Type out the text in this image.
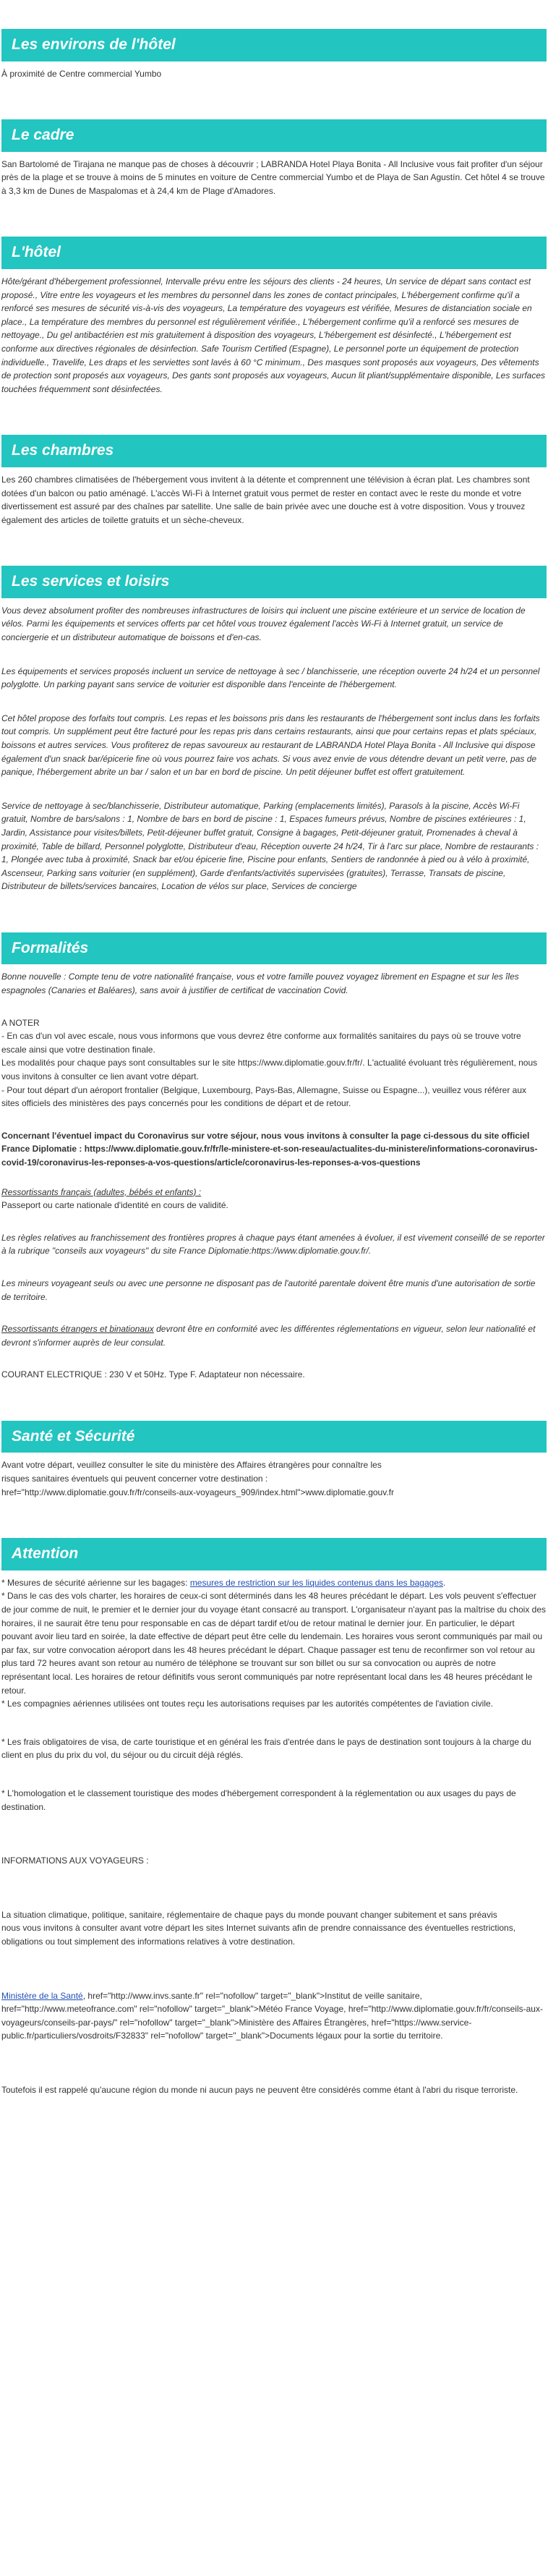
Les environs de l'hôtel

À proximité de Centre commercial Yumbo

Le cadre

San Bartolomé de Tirajana ne manque pas de choses à découvrir ; LABRANDA Hotel Playa Bonita - All Inclusive vous fait profiter d'un séjour près de la plage et se trouve à moins de 5 minutes en voiture de Centre commercial Yumbo et de Playa de San Agustín. Cet hôtel 4 se trouve à 3,3 km de Dunes de Maspalomas et à 24,4 km de Plage d'Amadores.

L'hôtel

Hôte/gérant d'hébergement professionnel, Intervalle prévu entre les séjours des clients - 24 heures, Un service de départ sans contact est proposé., Vitre entre les voyageurs et les membres du personnel dans les zones de contact principales, L'hébergement confirme qu'il a renforcé ses mesures de sécurité vis-à-vis des voyageurs, La température des voyageurs est vérifiée, Mesures de distanciation sociale en place., La température des membres du personnel est régulièrement vérifiée., L'hébergement confirme qu'il a renforcé ses mesures de nettoyage., Du gel antibactérien est mis gratuitement à disposition des voyageurs, L'hébergement est désinfecté., L'hébergement est conforme aux directives régionales de désinfection. Safe Tourism Certified (Espagne), Le personnel porte un équipement de protection individuelle., Travelife, Les draps et les serviettes sont lavés à 60 °C minimum., Des masques sont proposés aux voyageurs, Des vêtements de protection sont proposés aux voyageurs, Des gants sont proposés aux voyageurs, Aucun lit pliant/supplémentaire disponible, Les surfaces touchées fréquemment sont désinfectées.

Les chambres

Les 260 chambres climatisées de l'hébergement vous invitent à la détente et comprennent une télévision à écran plat. Les chambres sont dotées d'un balcon ou patio aménagé. L'accès Wi-Fi à Internet gratuit vous permet de rester en contact avec le reste du monde et votre divertissement est assuré par des chaînes par satellite. Une salle de bain privée avec une douche est à votre disposition. Vous y trouvez également des articles de toilette gratuits et un sèche-cheveux.

Les services et loisirs

Vous devez absolument profiter des nombreuses infrastructures de loisirs qui incluent une piscine extérieure et un service de location de vélos. Parmi les équipements et services offerts par cet hôtel vous trouvez également l'accès Wi-Fi à Internet gratuit, un service de conciergerie et un distributeur automatique de boissons et d'en-cas.

Les équipements et services proposés incluent un service de nettoyage à sec / blanchisserie, une réception ouverte 24 h/24 et un personnel polyglotte. Un parking payant sans service de voiturier est disponible dans l'enceinte de l'hébergement.

Cet hôtel propose des forfaits tout compris. Les repas et les boissons pris dans les restaurants de l'hébergement sont inclus dans les forfaits tout compris. Un supplément peut être facturé pour les repas pris dans certains restaurants, ainsi que pour certains repas et plats spéciaux, boissons et autres services. Vous profiterez de repas savoureux au restaurant de LABRANDA Hotel Playa Bonita - All Inclusive qui dispose également d'un snack bar/épicerie fine où vous pourrez faire vos achats. Si vous avez envie de vous détendre devant un petit verre, pas de panique, l'hébergement abrite un bar / salon et un bar en bord de piscine. Un petit déjeuner buffet est offert gratuitement.

Service de nettoyage à sec/blanchisserie, Distributeur automatique, Parking (emplacements limités), Parasols à la piscine, Accès Wi-Fi gratuit, Nombre de bars/salons : 1, Nombre de bars en bord de piscine : 1, Espaces fumeurs prévus, Nombre de piscines extérieures : 1, Jardin, Assistance pour visites/billets, Petit-déjeuner buffet gratuit, Consigne à bagages, Petit-déjeuner gratuit, Promenades à cheval à proximité, Table de billard, Personnel polyglotte, Distributeur d'eau, Réception ouverte 24 h/24, Tir à l'arc sur place, Nombre de restaurants : 1, Plongée avec tuba à proximité, Snack bar et/ou épicerie fine, Piscine pour enfants, Sentiers de randonnée à pied ou à vélo à proximité, Ascenseur, Parking sans voiturier (en supplément), Garde d'enfants/activités supervisées (gratuites), Terrasse, Transats de piscine, Distributeur de billets/services bancaires, Location de vélos sur place, Services de concierge

Formalités

Bonne nouvelle : Compte tenu de votre nationalité française, vous et votre famille pouvez voyagez librement en Espagne et sur les îles espagnoles (Canaries et Baléares), sans avoir à justifier de certificat de vaccination Covid.

A NOTER
- En cas d'un vol avec escale, nous vous informons que vous devrez être conforme aux formalités sanitaires du pays où se trouve votre escale ainsi que votre destination finale.
Les modalités pour chaque pays sont consultables sur le site https://www.diplomatie.gouv.fr/fr/. L'actualité évoluant très régulièrement, nous vous invitons à consulter ce lien avant votre départ.
- Pour tout départ d'un aéroport frontalier (Belgique, Luxembourg, Pays-Bas, Allemagne, Suisse ou Espagne...), veuillez vous référer aux sites officiels des ministères des pays concernés pour les conditions de départ et de retour.

Concernant l'éventuel impact du Coronavirus sur votre séjour, nous vous invitons à consulter la page ci-dessous du site officiel France Diplomatie : https://www.diplomatie.gouv.fr/fr/le-ministere-et-son-reseau/actualites-du-ministere/informations-coronavirus-covid-19/coronavirus-les-reponses-a-vos-questions/article/coronavirus-les-reponses-a-vos-questions

Ressortissants français (adultes, bébés et enfants) :
Passeport ou carte nationale d'identité en cours de validité.

Les règles relatives au franchissement des frontières propres à chaque pays étant amenées à évoluer, il est vivement conseillé de se reporter à la rubrique "conseils aux voyageurs" du site France Diplomatie:https://www.diplomatie.gouv.fr/.

Les mineurs voyageant seuls ou avec une personne ne disposant pas de l'autorité parentale doivent être munis d'une autorisation de sortie de territoire.

Ressortissants étrangers et binationaux devront être en conformité avec les différentes réglementations en vigueur, selon leur nationalité et devront s'informer auprès de leur consulat.

COURANT ELECTRIQUE : 230 V et 50Hz. Type F. Adaptateur non nécessaire.

Santé et Sécurité

Avant votre départ, veuillez consulter le site du ministère des Affaires étrangères pour connaître les risques sanitaires éventuels qui peuvent concerner votre destination : href="http://www.diplomatie.gouv.fr/fr/conseils-aux-voyageurs_909/index.html">www.diplomatie.gouv.fr

Attention
* Mesures de sécurité aérienne sur les bagages: mesures de restriction sur les liquides contenus dans les bagages.

* Dans le cas des vols charter, les horaires de ceux-ci sont déterminés dans les 48 heures précédant le départ. Les vols peuvent s'effectuer de jour comme de nuit, le premier et le dernier jour du voyage étant consacré au transport. L'organisateur n'ayant pas la maîtrise du choix des horaires, il ne saurait être tenu pour responsable en cas de départ tardif et/ou de retour matinal le dernier jour. En particulier, le départ pouvant avoir lieu tard en soirée, la date effective de départ peut être celle du lendemain. Les horaires vous seront communiqués par mail ou par fax, sur votre convocation aéroport dans les 48 heures précédant le départ. Chaque passager est tenu de reconfirmer son vol retour au plus tard 72 heures avant son retour au numéro de téléphone se trouvant sur son billet ou sur sa convocation ou auprès de notre représentant local. Les horaires de retour définitifs vous seront communiqués par notre représentant local dans les 48 heures précédant le retour.

* Les compagnies aériennes utilisées ont toutes reçu les autorisations requises par les autorités compétentes de l'aviation civile.

* Les frais obligatoires de visa, de carte touristique et en général les frais d'entrée dans le pays de destination sont toujours à la charge du client en plus du prix du vol, du séjour ou du circuit déjà réglés.

* L'homologation et le classement touristique des modes d'hébergement correspondent à la réglementation ou aux usages du pays de destination.

INFORMATIONS AUX VOYAGEURS :

La situation climatique, politique, sanitaire, réglementaire de chaque pays du monde pouvant changer subitement et sans préavis
nous vous invitons à consulter avant votre départ les sites Internet suivants afin de prendre connaissance des éventuelles restrictions, obligations ou tout simplement des informations relatives à votre destination.

Ministère de la Santé, href="http://www.invs.sante.fr" rel="nofollow" target="_blank">Institut de veille sanitaire, href="http://www.meteofrance.com" rel="nofollow" target="_blank">Météo France Voyage, href="http://www.diplomatie.gouv.fr/fr/conseils-aux-voyageurs/conseils-par-pays/" rel="nofollow" target="_blank">Ministère des Affaires Étrangères, href="https://www.service-public.fr/particuliers/vosdroits/F32833" rel="nofollow" target="_blank">Documents légaux pour la sortie du territoire.

Toutefois il est rappelé qu'aucune région du monde ni aucun pays ne peuvent être considérés comme étant à l'abri du risque terroriste.
